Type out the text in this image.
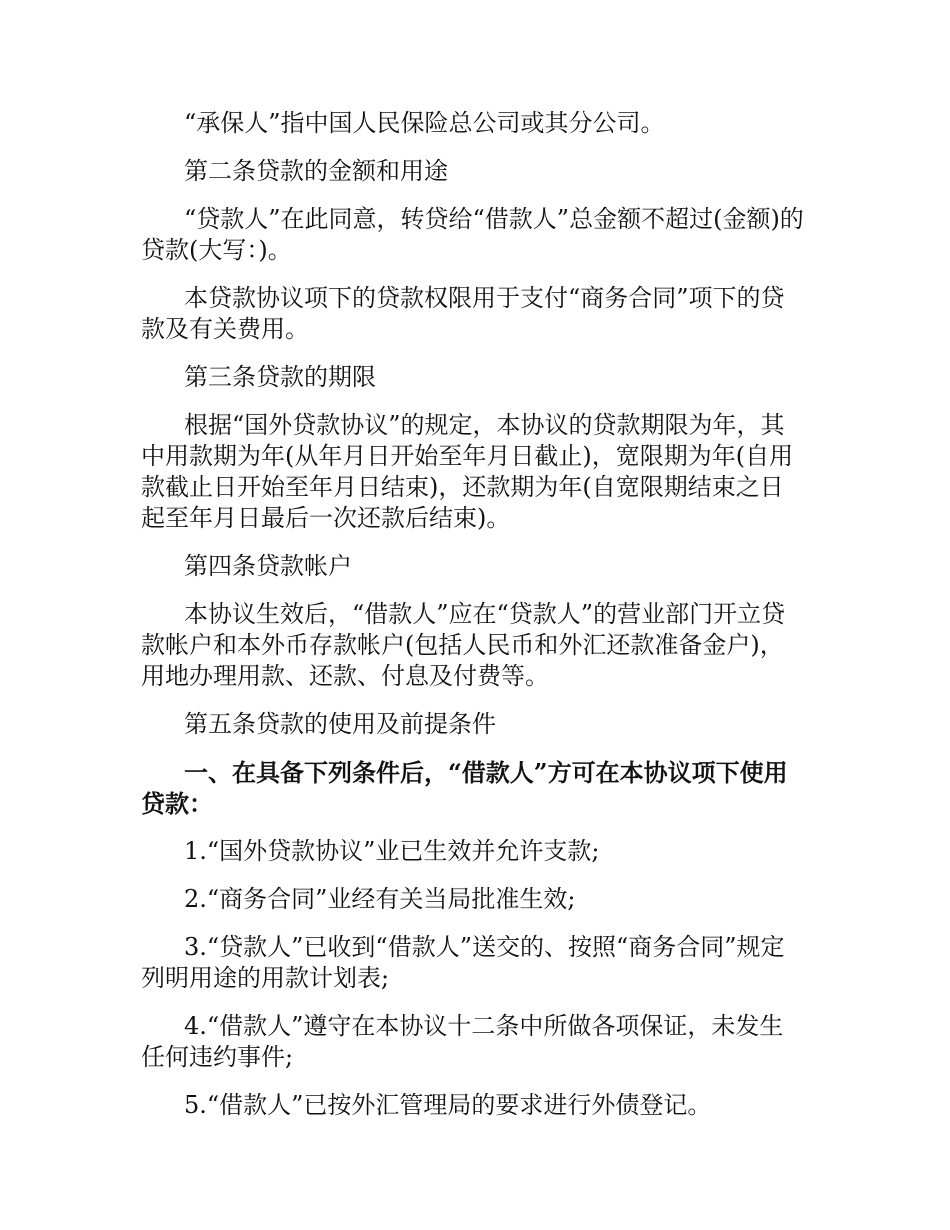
“承保人”指中国人民保险总公司或其分公司。

第二条贷款的金额和用途

“贷款人”在此同意，转贷给“借款人”总金额不超过(金额)的贷款(大写：)。

本贷款协议项下的贷款权限用于支付“商务合同”项下的贷款及有关费用。

第三条贷款的期限

根据“国外贷款协议”的规定，本协议的贷款期限为年，其中用款期为年(从年月日开始至年月日截止)，宽限期为年(自用款截止日开始至年月日结束)，还款期为年(自宽限期结束之日起至年月日最后一次还款后结束)。

第四条贷款帐户

本协议生效后，“借款人”应在“贷款人”的营业部门开立贷款帐户和本外币存款帐户(包括人民币和外汇还款准备金户)，用地办理用款、还款、付息及付费等。

第五条贷款的使用及前提条件

一、在具备下列条件后，“借款人”方可在本协议项下使用贷款：

1.“国外贷款协议”业已生效并允许支款;

2.“商务合同”业经有关当局批准生效;

3.“贷款人”已收到“借款人”送交的、按照“商务合同”规定列明用途的用款计划表;

4.“借款人”遵守在本协议十二条中所做各项保证，未发生任何违约事件;

5.“借款人”已按外汇管理局的要求进行外债登记。
